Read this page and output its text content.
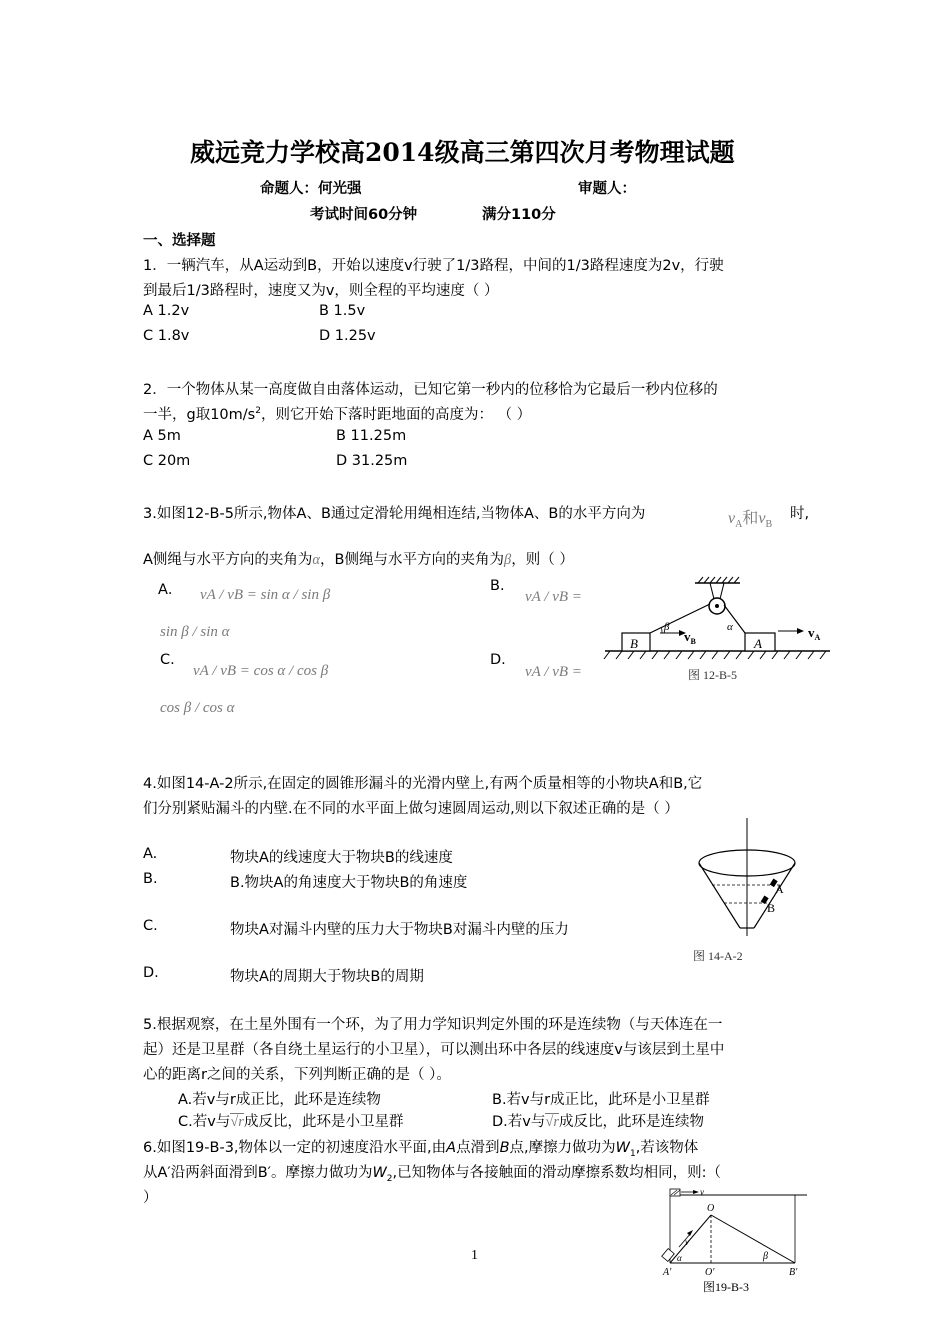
威远竞力学校高2014级高三第四次月考物理试题
命题人：何光强	审题人：
考试时间60分钟	满分110分
一、选择题
1．一辆汽车，从A运动到B，开始以速度v行驶了1/3路程，中间的1/3路程速度为2v，行驶
到最后1/3路程时，速度又为v，则全程的平均速度（ ）
A 1.2v	B 1.5v
C 1.8v	D 1.25v
2．一个物体从某一高度做自由落体运动，已知它第一秒内的位移恰为它最后一秒内位移的
一半，g取$10m/s^2$，则它开始下落时距地面的高度为： （ ）
A 5m	B 11.25m
C 20m	D 31.25m
3.如图12-B-5所示,物体A、B通过定滑轮用绳相连结,当物体A、B的水平方向为	$v_A$和$v_B$
时,
A侧绳与水平方向的夹角为α，B侧绳与水平方向的夹角为β，则（ ）
A． vA / vB = sin α / sin β
sin β / sin α
B.
vA / vB =
C.
vA / vB = cos α / cos β
cos β / cos α
D.
vA / vB =
B	A
β	α
$v_B$
$v_A$
图 12-B-5
4.如图14-A-2所示,在固定的圆锥形漏斗的光滑内壁上,有两个质量相等的小物块A和B,它
们分别紧贴漏斗的内壁.在不同的水平面上做匀速圆周运动,则以下叙述正确的是（ ）
A.	物块A的线速度大于物块B的线速度
B.	B.物块A的角速度大于物块B的角速度
C.	物块A对漏斗内壁的压力大于物块B对漏斗内壁的压力
D.	物块A的周期大于物块B的周期
A
B
图 14-A-2
5.根据观察，在土星外围有一个环，为了用力学知识判定外围的环是连续物（与天体连在一
起）还是卫星群（各自绕土星运行的小卫星），可以测出环中各层的线速度v与该层到土星中
心的距离r之间的关系，下列判断正确的是（ ）。
A.若v与r成正比，此环是连续物	B.若v与r成正比，此环是小卫星群
C.若v与√r成反比，此环是小卫星群	D.若v与√r成反比，此环是连续物
6.如图19-B-3,物体以一定的初速度沿水平面,由A点滑到B点,摩擦力做功为$W_1$,若该物体
从A′沿两斜面滑到B′。摩擦力做功为$W_2$,已知物体与各接触面的滑动摩擦系数均相同，则:（
）	v
v
O
α	β
A′	O′	B′
图19-B-3
1
